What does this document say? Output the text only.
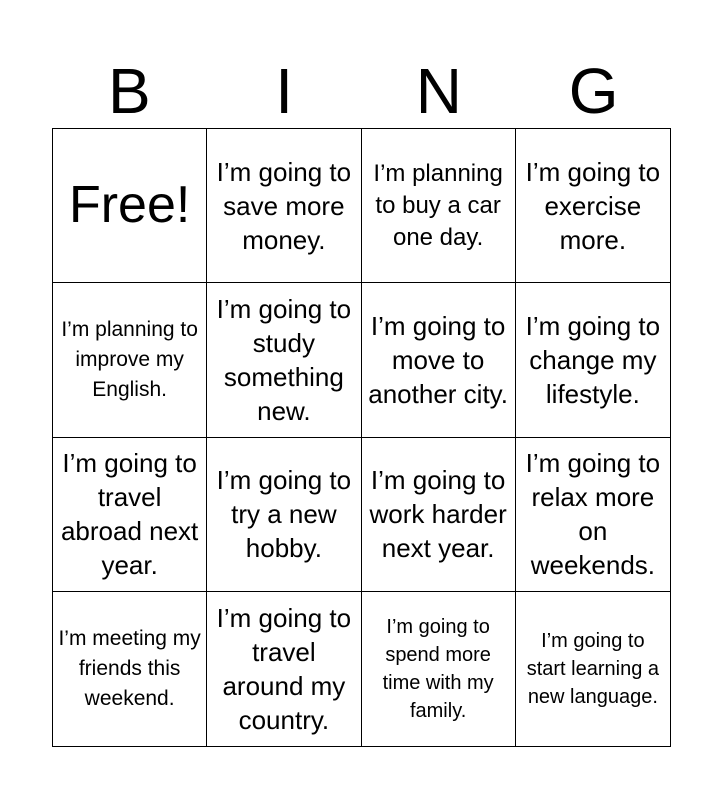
B	I	N	G
Free!
I’m going to save more money.
I’m planning to buy a car one day.
I’m going to exercise more.
I’m planning to improve my English.
I’m going to study something new.
I’m going to move to another city.
I’m going to change my lifestyle.
I’m going to travel abroad next year.
I’m going to try a new hobby.
I’m going to work harder next year.
I’m going to relax more on weekends.
I’m meeting my friends this weekend.
I’m going to travel around my country.
I’m going to spend more time with my family.
I’m going to start learning a new language.
